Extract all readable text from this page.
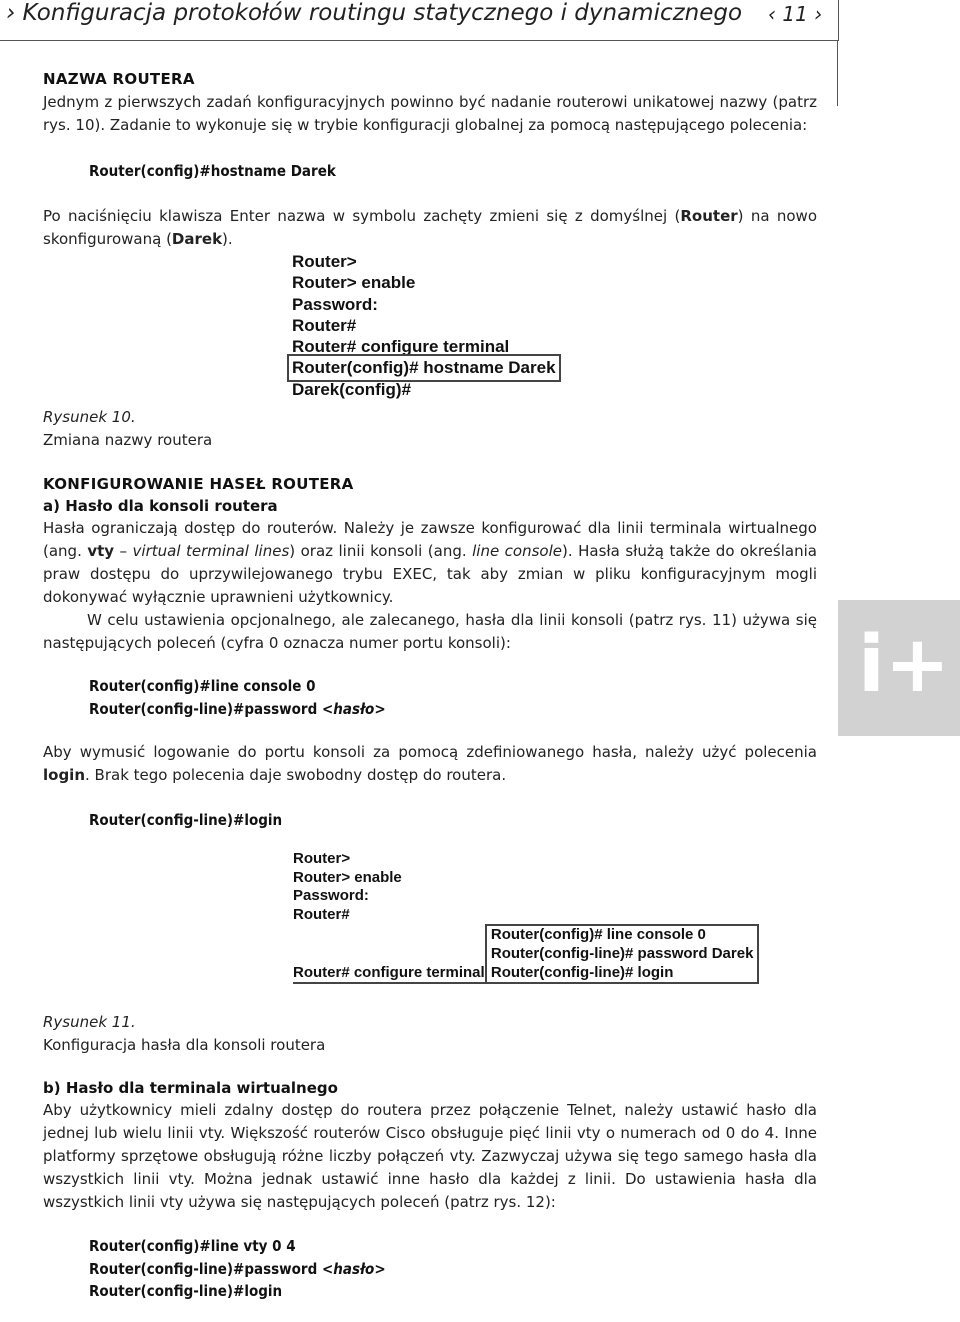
› Konfiguracja protokołów routingu statycznego i dynamicznego ‹ 11 ›
i+
NAZWA ROUTERA

Jednym z pierwszych zadań konfiguracyjnych powinno być nadanie routerowi unikatowej nazwy (patrz rys. 10). Zadanie to wykonuje się w trybie konfiguracji globalnej za pomocą następującego polecenia:

Router(config)#hostname Darek

Po naciśnięciu klawisza Enter nazwa w symbolu zachęty zmieni się z domyślnej (Router) na nowo skonfigurowaną (Darek).

Router>
Router> enable
Password:
Router#
Router# configure terminal
Router(config)# hostname Darek
Darek(config)#
Rysunek 10.
Zmiana nazwy routera
KONFIGUROWANIE HASEŁ ROUTERA
a) Hasło dla konsoli routera

Hasła ograniczają dostęp do routerów. Należy je zawsze konfigurować dla linii terminala wirtualnego (ang. vty – virtual terminal lines) oraz linii konsoli (ang. line console). Hasła służą także do określania praw dostępu do uprzywilejowanego trybu EXEC, tak aby zmian w pliku konfiguracyjnym mogli dokonywać wyłącznie uprawnieni użytkownicy.

W celu ustawienia opcjonalnego, ale zalecanego, hasła dla linii konsoli (patrz rys. 11) używa się następujących poleceń (cyfra 0 oznacza numer portu konsoli):

Router(config)#line console 0
Router(config-line)#password <hasło>

Aby wymusić logowanie do portu konsoli za pomocą zdefiniowanego hasła, należy użyć polecenia login. Brak tego polecenia daje swobodny dostęp do routera.

Router(config-line)#login
Router>
Router> enable
Password:
Router#
Router# configure terminal
Router(config)# line console 0
Router(config-line)# password Darek
Router(config-line)# login
Rysunek 11.
Konfiguracja hasła dla konsoli routera
b) Hasło dla terminala wirtualnego

Aby użytkownicy mieli zdalny dostęp do routera przez połączenie Telnet, należy ustawić hasło dla jednej lub wielu linii vty. Większość routerów Cisco obsługuje pięć linii vty o numerach od 0 do 4. Inne platformy sprzętowe obsługują różne liczby połączeń vty. Zazwyczaj używa się tego samego hasła dla wszystkich linii vty. Można jednak ustawić inne hasło dla każdej z linii. Do ustawienia hasła dla wszystkich linii vty używa się następujących poleceń (patrz rys. 12):

Router(config)#line vty 0 4
Router(config-line)#password <hasło>
Router(config-line)#login
